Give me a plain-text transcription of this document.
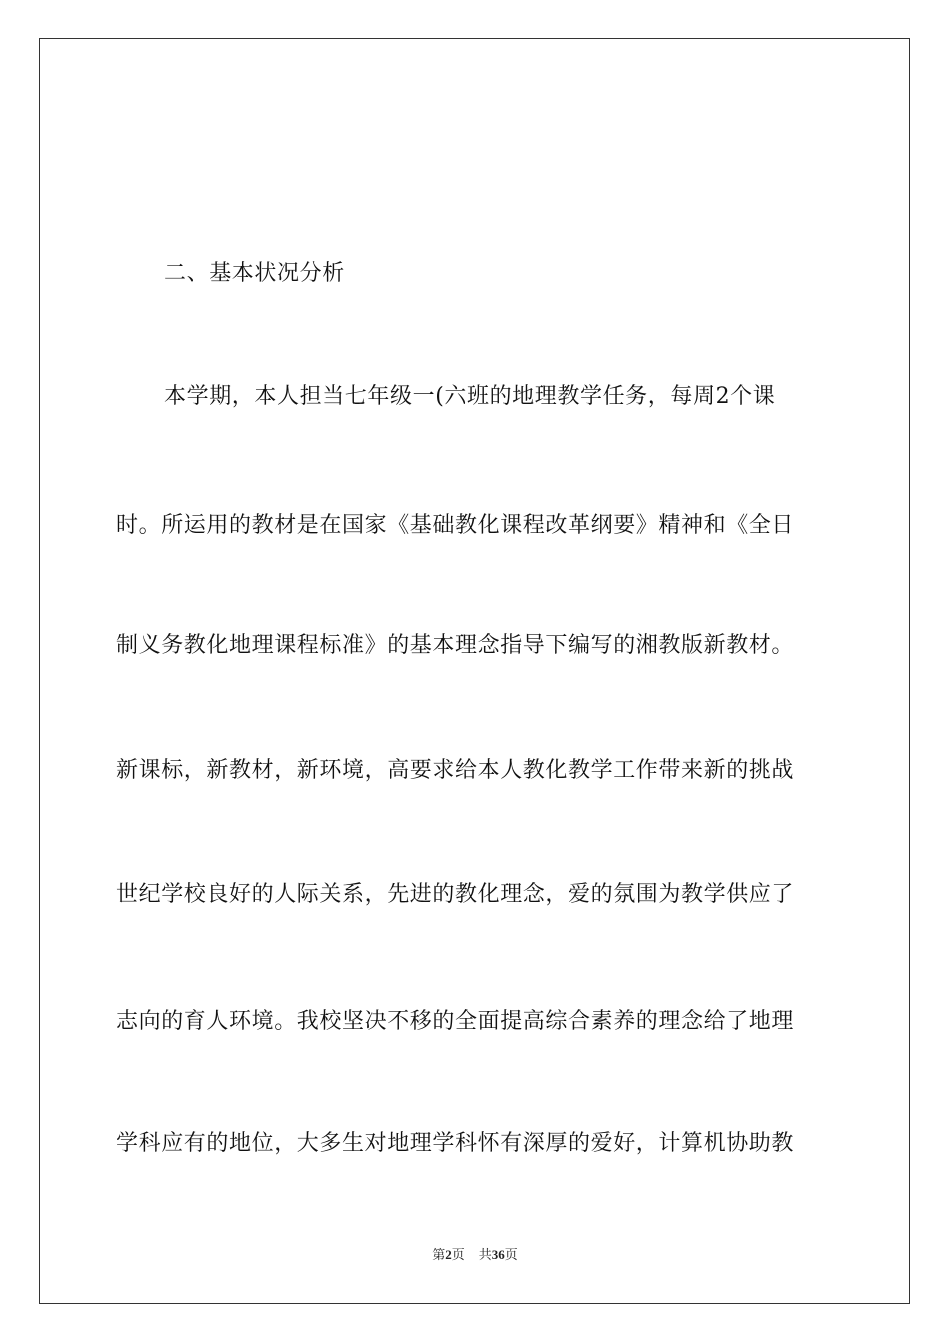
二、基本状况分析
本学期，本人担当七年级一(六班的地理教学任务，每周2个课
时。所运用的教材是在国家《基础教化课程改革纲要》精神和《全日
制义务教化地理课程标准》的基本理念指导下编写的湘教版新教材。
新课标，新教材，新环境，高要求给本人教化教学工作带来新的挑战
世纪学校良好的人际关系，先进的教化理念，爱的氛围为教学供应了
志向的育人环境。我校坚决不移的全面提高综合素养的理念给了地理
学科应有的地位，大多生对地理学科怀有深厚的爱好，计算机协助教
第2页 共36页
